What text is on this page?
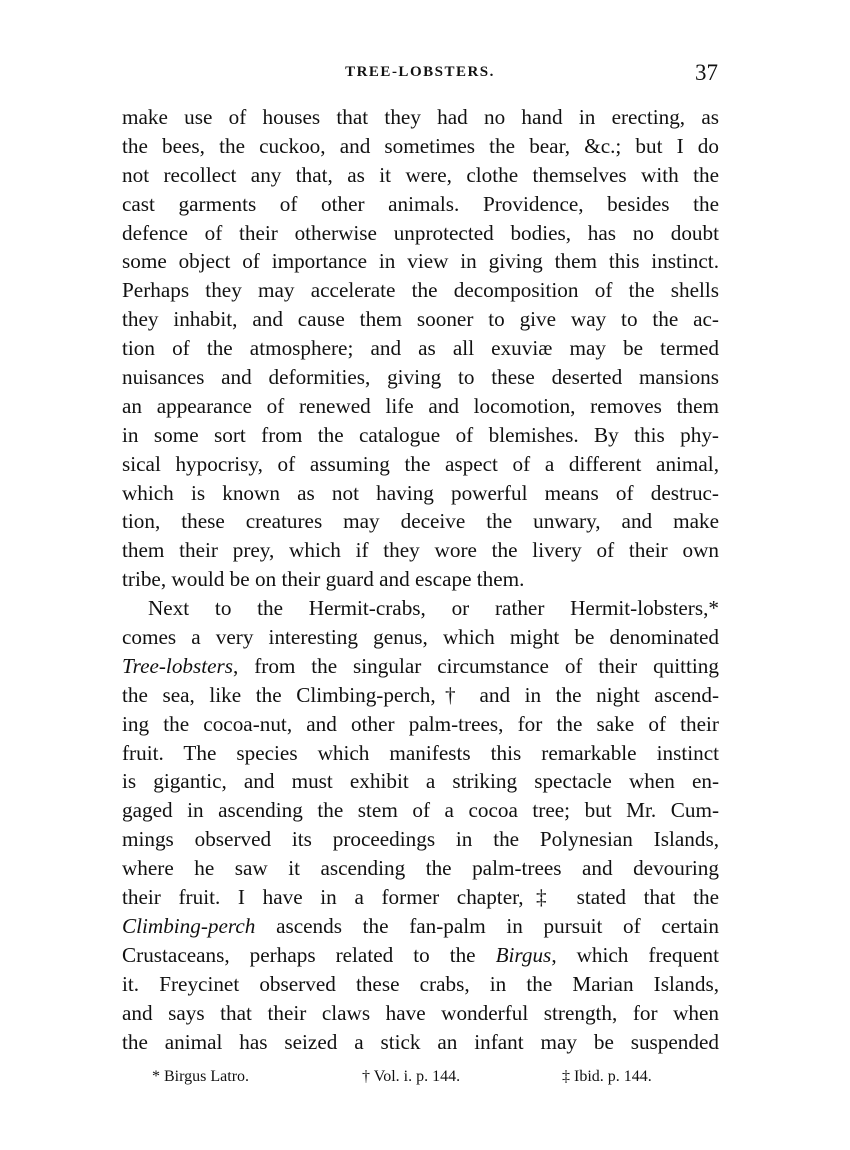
TREE-LOBSTERS.	37
make use of houses that they had no hand in erecting, as
the bees, the cuckoo, and sometimes the bear, &c.; but I do
not recollect any that, as it were, clothe themselves with the
cast garments of other animals. Providence, besides the
defence of their otherwise unprotected bodies, has no doubt
some object of importance in view in giving them this instinct.
Perhaps they may accelerate the decomposition of the shells
they inhabit, and cause them sooner to give way to the ac-
tion of the atmosphere; and as all exuviæ may be termed
nuisances and deformities, giving to these deserted mansions
an appearance of renewed life and locomotion, removes them
in some sort from the catalogue of blemishes. By this phy-
sical hypocrisy, of assuming the aspect of a different animal,
which is known as not having powerful means of destruc-
tion, these creatures may deceive the unwary, and make
them their prey, which if they wore the livery of their own
tribe, would be on their guard and escape them.
Next to the Hermit-crabs, or rather Hermit-lobsters,*
comes a very interesting genus, which might be denominated
Tree-lobsters, from the singular circumstance of their quitting
the sea, like the Climbing-perch,† and in the night ascend-
ing the cocoa-nut, and other palm-trees, for the sake of their
fruit. The species which manifests this remarkable instinct
is gigantic, and must exhibit a striking spectacle when en-
gaged in ascending the stem of a cocoa tree; but Mr. Cum-
mings observed its proceedings in the Polynesian Islands,
where he saw it ascending the palm-trees and devouring
their fruit. I have in a former chapter,‡ stated that the
Climbing-perch ascends the fan-palm in pursuit of certain
Crustaceans, perhaps related to the Birgus, which frequent
it. Freycinet observed these crabs, in the Marian Islands,
and says that their claws have wonderful strength, for when
the animal has seized a stick an infant may be suspended
* Birgus Latro.	† Vol. i. p. 144.	‡ Ibid. p. 144.
